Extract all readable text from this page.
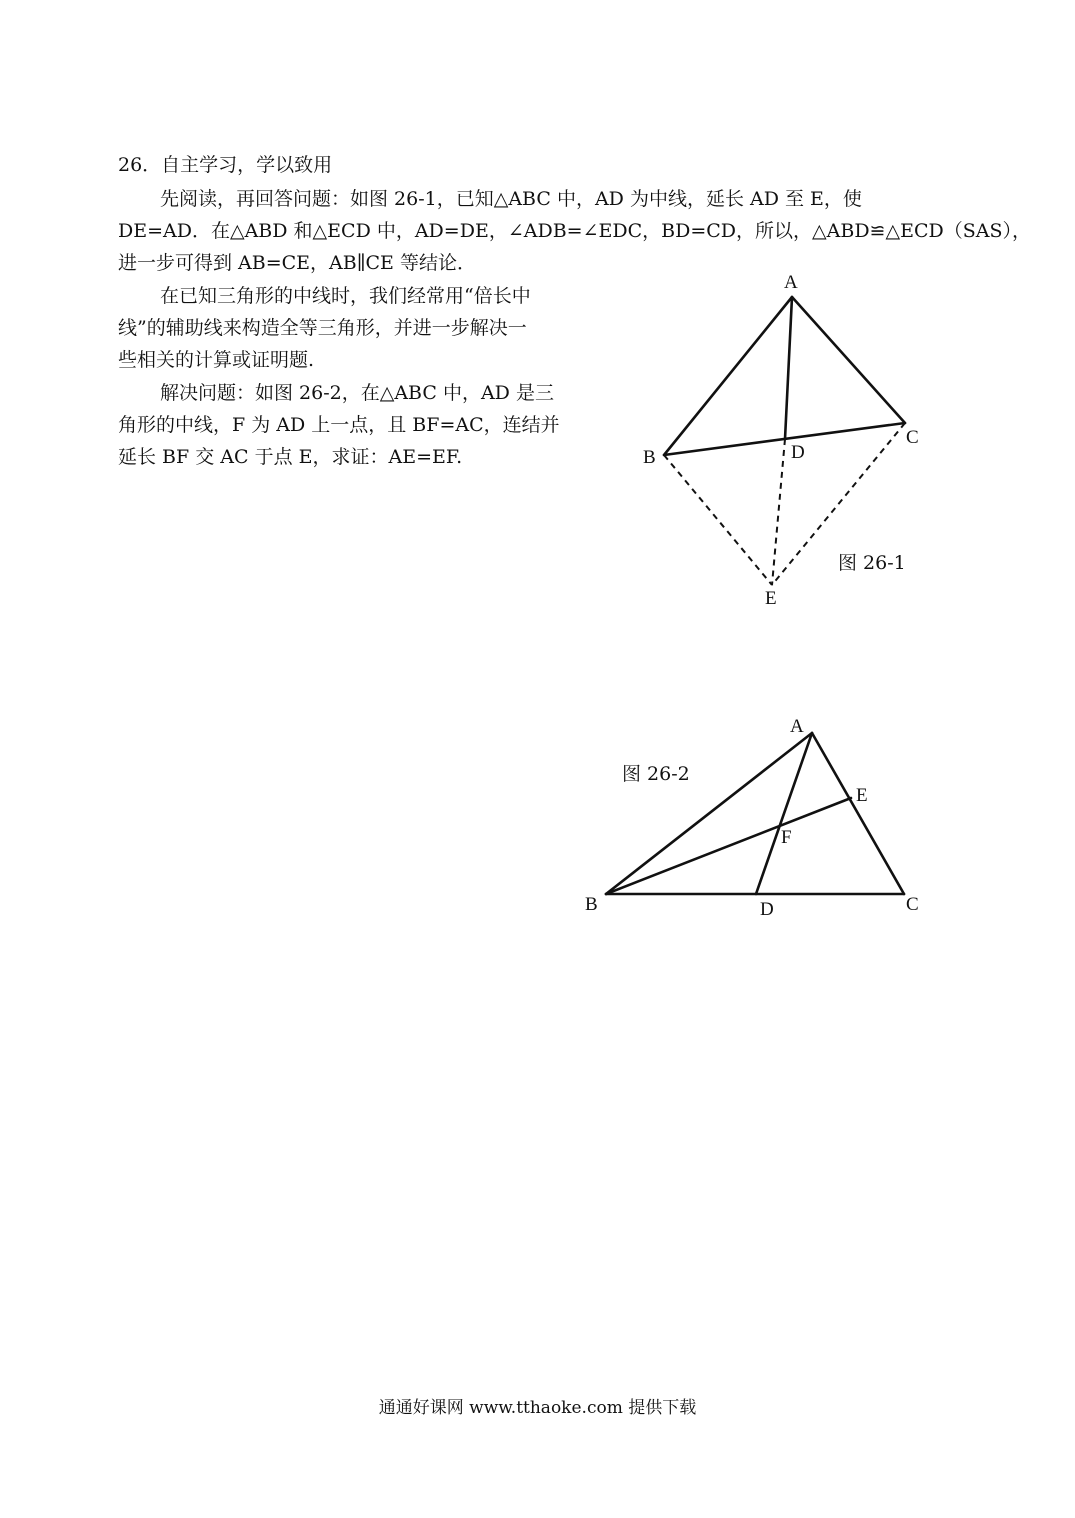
26．自主学习，学以致用
先阅读，再回答问题：如图 26-1，已知△ABC 中，AD 为中线，延长 AD 至 E，使
DE=AD．在△ABD 和△ECD 中，AD=DE，∠ADB=∠EDC，BD=CD，所以，△ABD≌△ECD（SAS），
进一步可得到 AB=CE，AB∥CE 等结论．
在已知三角形的中线时，我们经常用“倍长中
线”的辅助线来构造全等三角形，并进一步解决一
些相关的计算或证明题.
解决问题：如图 26-2，在△ABC 中，AD 是三
角形的中线，F 为 AD 上一点，且 BF=AC，连结并
延长 BF 交 AC 于点 E，求证：AE=EF.
A
B
C
D
E
图 26-1
A
B	C
D
E
F
图 26-2
通通好课网 www.tthaoke.com 提供下载
